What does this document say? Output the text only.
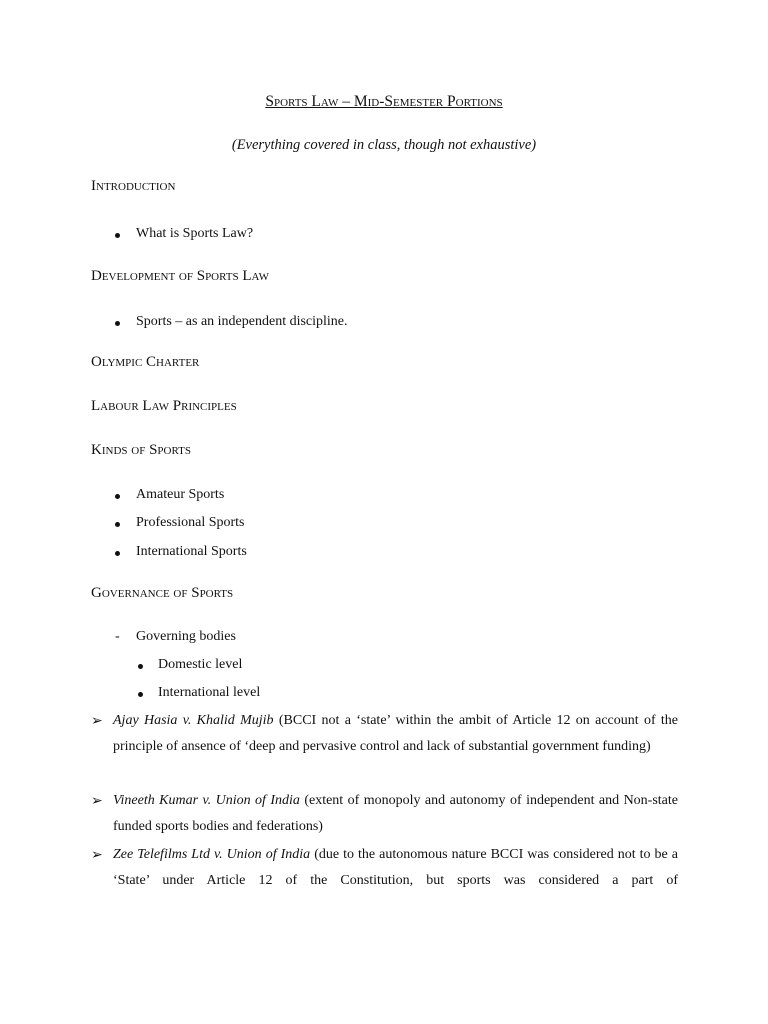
Sports Law – Mid-Semester Portions
(Everything covered in class, though not exhaustive)
Introduction
What is Sports Law?
Development of Sports Law
Sports – as an independent discipline.
Olympic Charter
Labour Law Principles
Kinds of Sports
Amateur Sports
Professional Sports
International Sports
Governance of Sports
- Governing bodies
Domestic level
International level
➢ Ajay Hasia v. Khalid Mujib (BCCI not a ‘state’ within the ambit of Article 12 on account of the principle of ansence of ‘deep and pervasive control and lack of substantial government funding)
➢ Vineeth Kumar v. Union of India (extent of monopoly and autonomy of independent and Non-state funded sports bodies and federations)
➢ Zee Telefilms Ltd v. Union of India (due to the autonomous nature BCCI was considered not to be a ‘State’ under Article 12 of the Constitution, but sports was considered a part of
